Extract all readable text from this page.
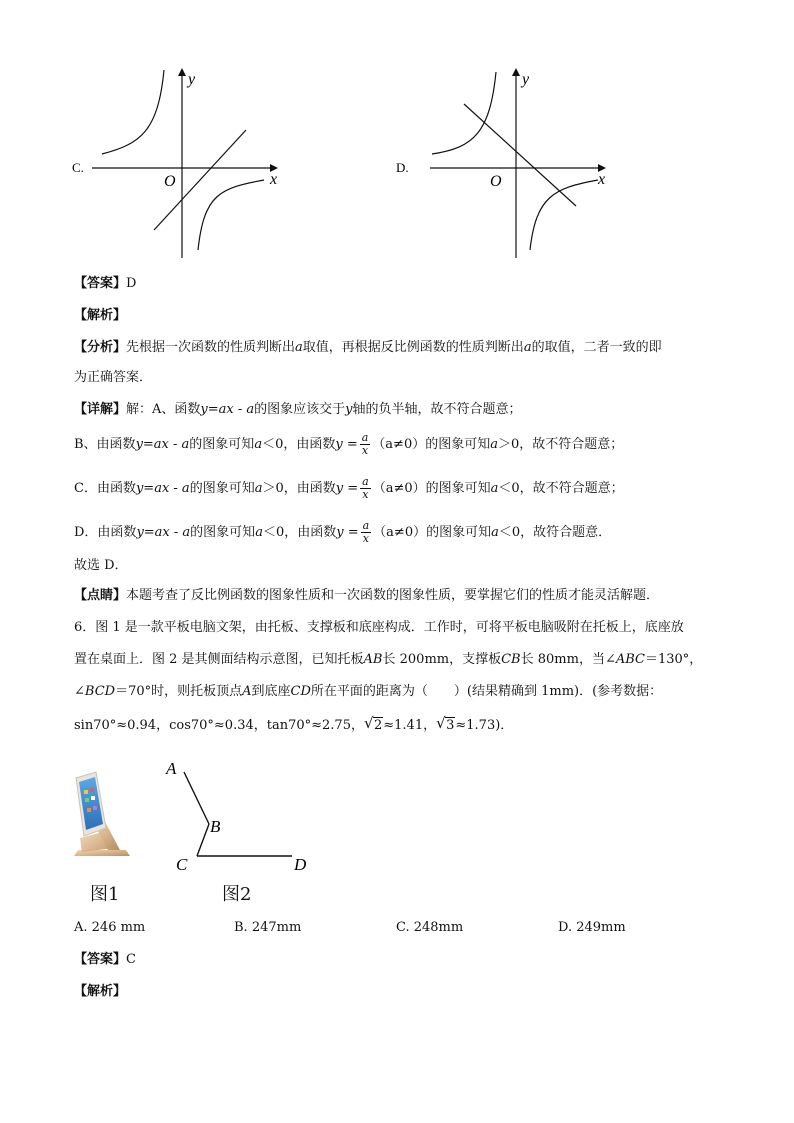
C.
x
y
O
D.
x
y
O
【答案】D
【解析】
【分析】先根据一次函数的性质判断出a取值，再根据反比例函数的性质判断出a的取值，二者一致的即
为正确答案．
【详解】解：A、函数y=ax - a的图象应该交于y轴的负半轴，故不符合题意；
B、由函数y=ax - a的图象可知a＜0，由函数$y = \frac{a}{x} (a\ne 0)$的图象可知a＞0，故不符合题意；
C．由函数y=ax - a的图象可知a＞0，由函数$y = \frac{a}{x} (a\ne 0)$的图象可知a＜0，故不符合题意；
D．由函数y=ax - a的图象可知a＜0，由函数$y = \frac{a}{x} (a\ne 0)$的图象可知a＜0，故符合题意．
故选 D．
【点睛】本题考查了反比例函数的图象性质和一次函数的图象性质，要掌握它们的性质才能灵活解题．
6．图 1 是一款平板电脑文架，由托板、支撑板和底座构成．工作时，可将平板电脑吸附在托板上，底座放
置在桌面上．图 2 是其侧面结构示意图，已知托板AB长 200mm，支撑板CB长 80mm，当∠ABC＝130°，
∠BCD＝70°时，则托板顶点A到底座CD所在平面的距离为（　　）(结果精确到 1mm)．(参考数据：
sin70°≈0.94，cos70°≈0.34，tan70°≈2.75， √ 2≈1.41， √ 3≈1.73)．
图1
A
B
C	D
图2
A. 246 mm	B. 247mm	C. 248mm	D. 249mm
【答案】C
【解析】
